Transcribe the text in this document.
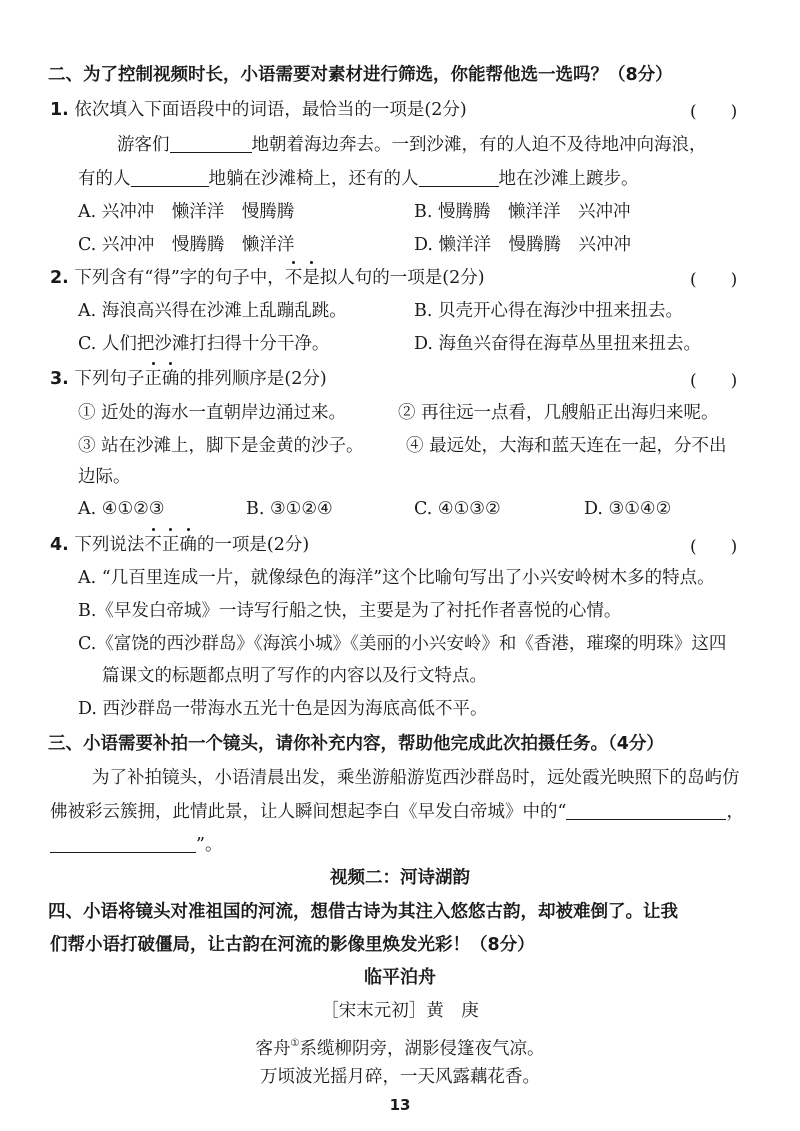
二、为了控制视频时长，小语需要对素材进行筛选，你能帮他选一选吗？（8分）
1. 依次填入下面语段中的词语，最恰当的一项是(2分)	(　　)
游客们	地朝着海边奔去。一到沙滩，有的人迫不及待地冲向海浪，
有的人	地躺在沙滩椅上，还有的人	地在沙滩上踱步。
A. 兴冲冲　懒洋洋　慢腾腾	B. 慢腾腾　懒洋洋　兴冲冲
C. 兴冲冲　慢腾腾　懒洋洋	D. 懒洋洋　慢腾腾　兴冲冲
2. 下列含有“得”字的句子中，不是拟人句的一项是(2分)	(　　)
A. 海浪高兴得在沙滩上乱蹦乱跳。	B. 贝壳开心得在海沙中扭来扭去。
C. 人们把沙滩打扫得十分干净。	D. 海鱼兴奋得在海草丛里扭来扭去。
3. 下列句子正确的排列顺序是(2分)	(　　)
① 近处的海水一直朝岸边涌过来。	② 再往远一点看，几艘船正出海归来呢。
③ 站在沙滩上，脚下是金黄的沙子。 ④ 最远处，大海和蓝天连在一起，分不出
边际。
A. ④①②③	B. ③①②④	C. ④①③②	D. ③①④②
4. 下列说法不正确的一项是(2分)	(　　)
A. “几百里连成一片，就像绿色的海洋”这个比喻句写出了小兴安岭树木多的特点。
B.《早发白帝城》一诗写行船之快，主要是为了衬托作者喜悦的心情。
C.《富饶的西沙群岛》《海滨小城》《美丽的小兴安岭》和《香港，璀璨的明珠》这四
篇课文的标题都点明了写作的内容以及行文特点。
D. 西沙群岛一带海水五光十色是因为海底高低不平。
三、小语需要补拍一个镜头，请你补充内容，帮助他完成此次拍摄任务。（4分）
为了补拍镜头，小语清晨出发，乘坐游船游览西沙群岛时，远处霞光映照下的岛屿仿
佛被彩云簇拥，此情此景，让人瞬间想起李白《早发白帝城》中的“	，
”。
视频二：河诗湖韵
四、小语将镜头对准祖国的河流，想借古诗为其注入悠悠古韵，却被难倒了。让我
们帮小语打破僵局，让古韵在河流的影像里焕发光彩！（8分）
临平泊舟
［宋末元初］黄　庚
客舟①系缆柳阴旁，湖影侵篷夜气凉。
万顷波光摇月碎，一天风露藕花香。
13
